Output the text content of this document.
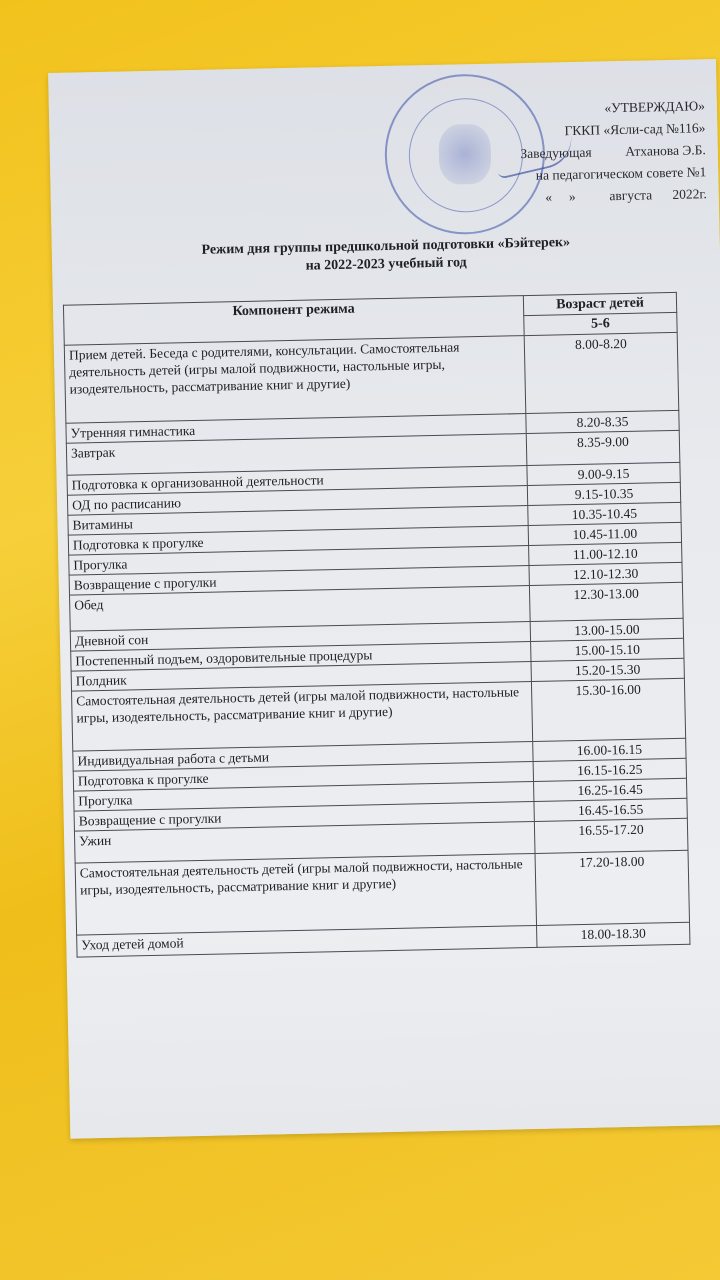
«УТВЕРЖДАЮ»
ГККП «Ясли-сад №116»
Заведующая          Атханова Э.Б.
на педагогическом совете №1
«     »          августа      2022г.
Режим дня группы предшкольной подготовки «Бэйтерек»
на 2022-2023 учебный год
Компонент режима	Возраст детей
	5-6
Прием детей. Беседа с родителями, консультации. Самостоятельная деятельность детей (игры малой подвижности, настольные игры, изодеятельность, рассматривание книг и другие)	8.00-8.20
Утренняя гимнастика	8.20-8.35
Завтрак	8.35-9.00
Подготовка к организованной деятельности	9.00-9.15
ОД по расписанию	9.15-10.35
Витамины	10.35-10.45
Подготовка к прогулке	10.45-11.00
Прогулка	11.00-12.10
Возвращение с прогулки	12.10-12.30
Обед	12.30-13.00
Дневной сон	13.00-15.00
Постепенный подъем, оздоровительные процедуры	15.00-15.10
Полдник	15.20-15.30
Самостоятельная деятельность детей (игры малой подвижности, настольные игры, изодеятельность, рассматривание книг и другие)	15.30-16.00
Индивидуальная работа с детьми	16.00-16.15
Подготовка к прогулке	16.15-16.25
Прогулка	16.25-16.45
Возвращение с прогулки	16.45-16.55
Ужин	16.55-17.20
Самостоятельная деятельность детей (игры малой подвижности, настольные игры, изодеятельность, рассматривание книг и другие)	17.20-18.00
Уход детей домой	18.00-18.30
